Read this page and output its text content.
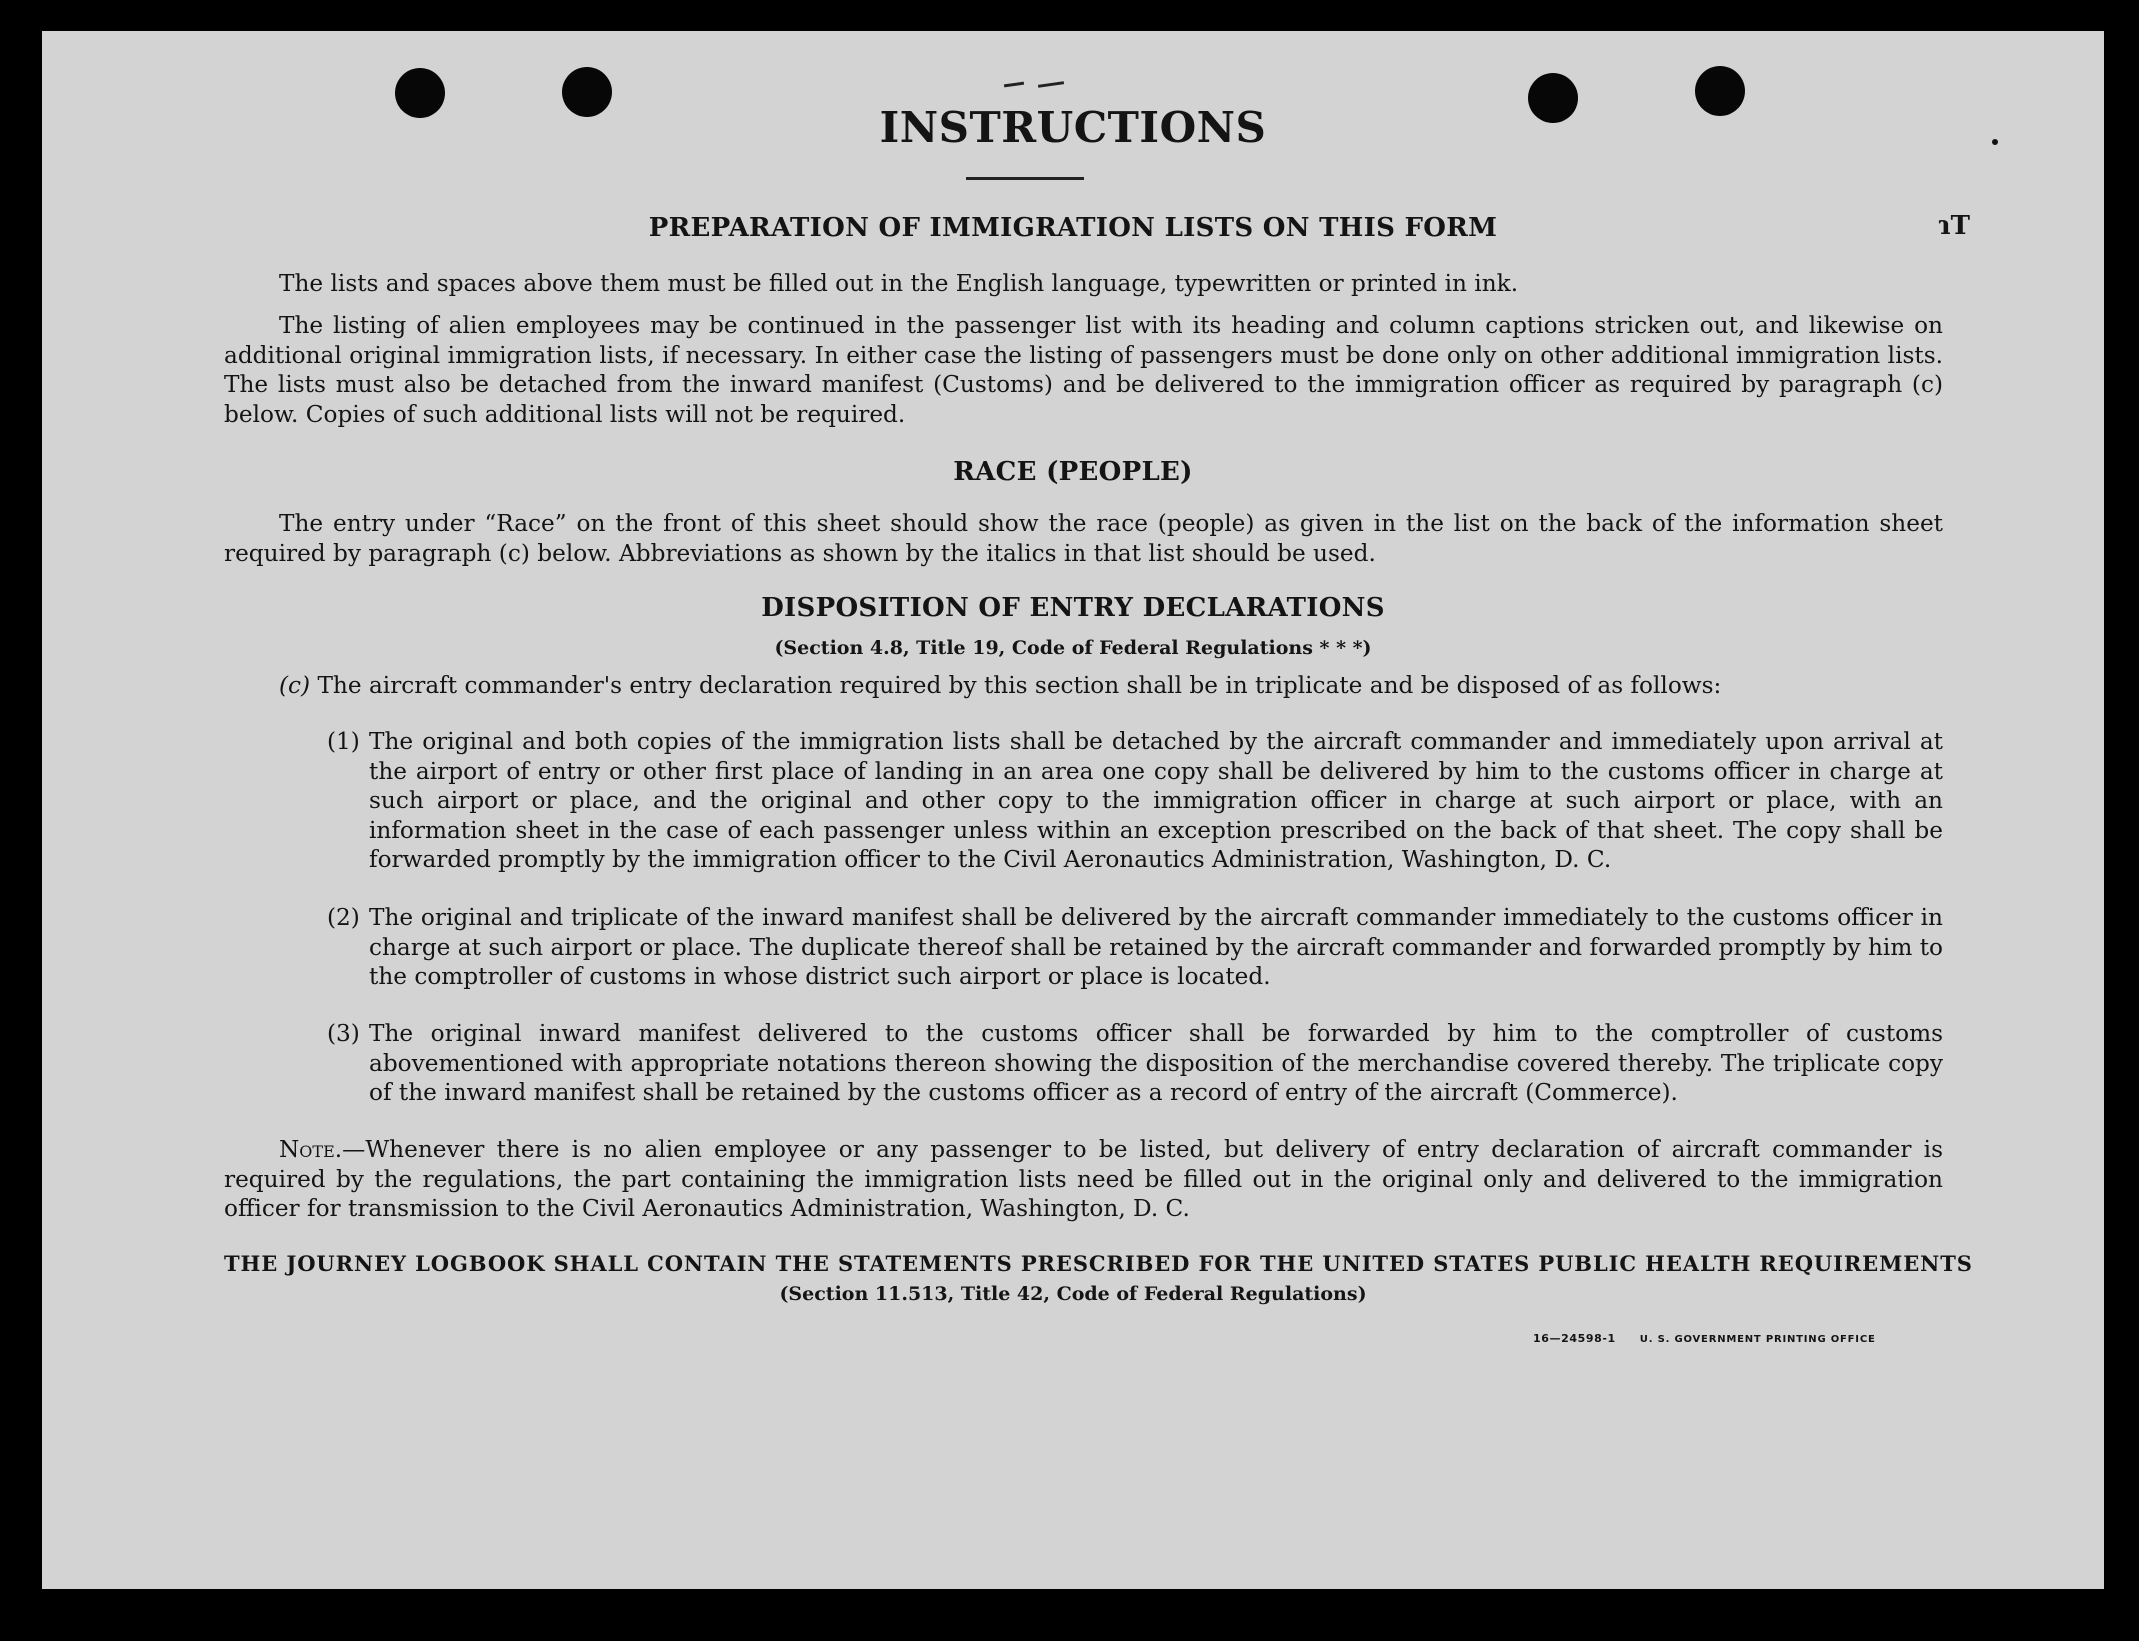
INSTRUCTIONS
ɿT
PREPARATION OF IMMIGRATION LISTS ON THIS FORM

The lists and spaces above them must be filled out in the English language, typewritten or printed in ink.

The listing of alien employees may be continued in the passenger list with its heading and column captions stricken out, and likewise on additional original immigration lists, if necessary. In either case the listing of passengers must be done only on other additional immigration lists. The lists must also be detached from the inward manifest (Customs) and be delivered to the immigration officer as required by paragraph (c) below. Copies of such additional lists will not be required.

RACE (PEOPLE)

The entry under “Race” on the front of this sheet should show the race (people) as given in the list on the back of the information sheet required by paragraph (c) below. Abbreviations as shown by the italics in that list should be used.

DISPOSITION OF ENTRY DECLARATIONS
(Section 4.8, Title 19, Code of Federal Regulations * * *)

(c) The aircraft commander's entry declaration required by this section shall be in triplicate and be disposed of as follows:

(1) The original and both copies of the immigration lists shall be detached by the aircraft commander and immediately upon arrival at the airport of entry or other first place of landing in an area one copy shall be delivered by him to the customs officer in charge at such airport or place, and the original and other copy to the immigration officer in charge at such airport or place, with an information sheet in the case of each passenger unless within an exception prescribed on the back of that sheet. The copy shall be forwarded promptly by the immigration officer to the Civil Aeronautics Administration, Washington, D. C.
(2) The original and triplicate of the inward manifest shall be delivered by the aircraft commander immediately to the customs officer in charge at such airport or place. The duplicate thereof shall be retained by the aircraft commander and forwarded promptly by him to the comptroller of customs in whose district such airport or place is located.
(3) The original inward manifest delivered to the customs officer shall be forwarded by him to the comptroller of customs abovementioned with appropriate notations thereon showing the disposition of the merchandise covered thereby. The triplicate copy of the inward manifest shall be retained by the customs officer as a record of entry of the aircraft (Commerce).

Note.—Whenever there is no alien employee or any passenger to be listed, but delivery of entry declaration of aircraft commander is required by the regulations, the part containing the immigration lists need be filled out in the original only and delivered to the immigration officer for transmission to the Civil Aeronautics Administration, Washington, D. C.

THE JOURNEY LOGBOOK SHALL CONTAIN THE STATEMENTS PRESCRIBED FOR THE UNITED STATES PUBLIC HEALTH REQUIREMENTS
(Section 11.513, Title 42, Code of Federal Regulations)
16—24598-1 U. S. GOVERNMENT PRINTING OFFICE
